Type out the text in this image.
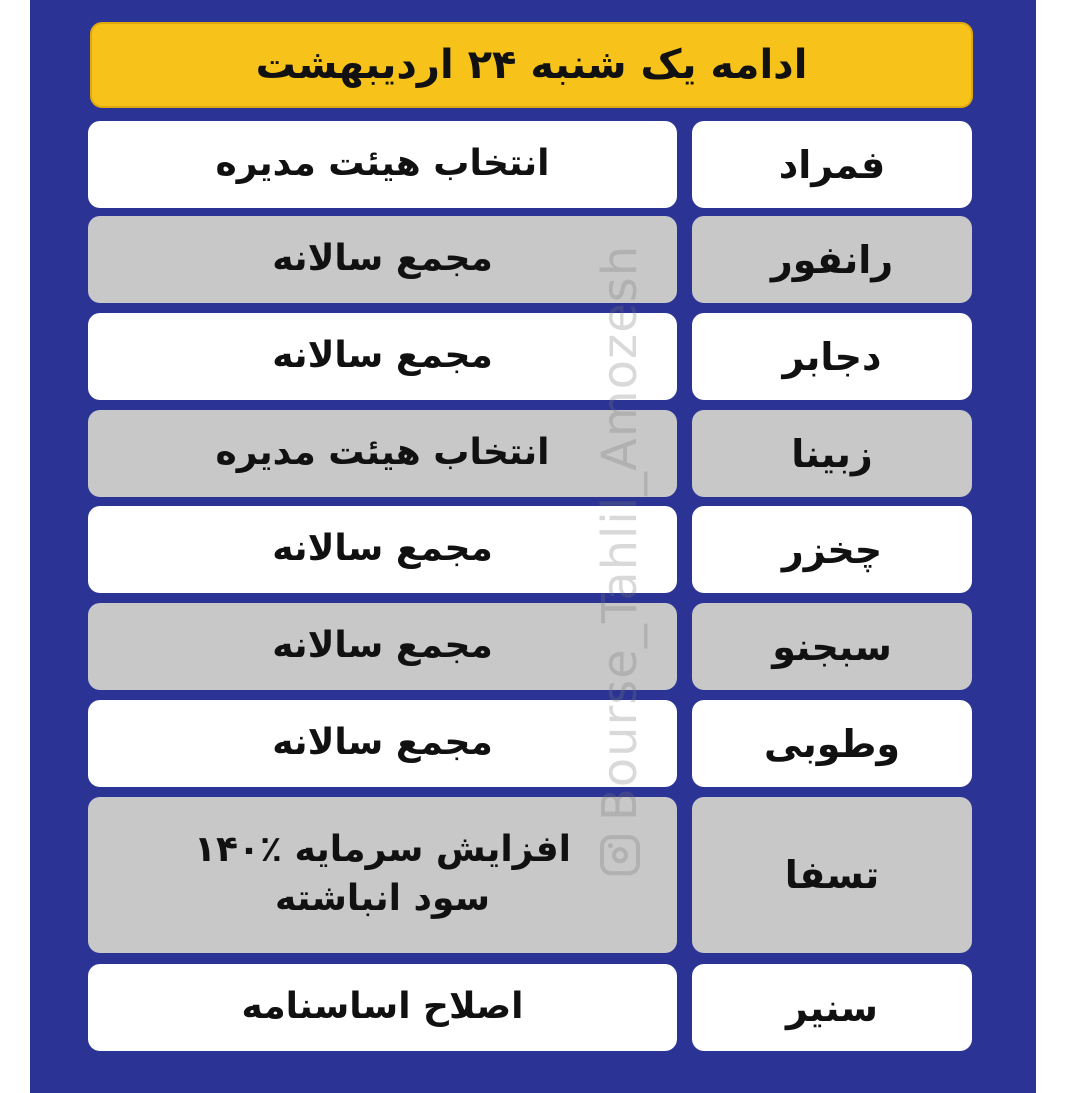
ادامه یک شنبه ۲۴ اردیبهشت
فمراد
انتخاب هیئت مدیره
رانفور
مجمع سالانه
دجابر
مجمع سالانه
زبینا
انتخاب هیئت مدیره
چخزر
مجمع سالانه
سبجنو
مجمع سالانه
وطوبی
مجمع سالانه
تسفا
افزایش سرمایه ٪۱۴۰
سود انباشته
سنیر
اصلاح اساسنامه
Bourse_Tahlil_Amozesh
